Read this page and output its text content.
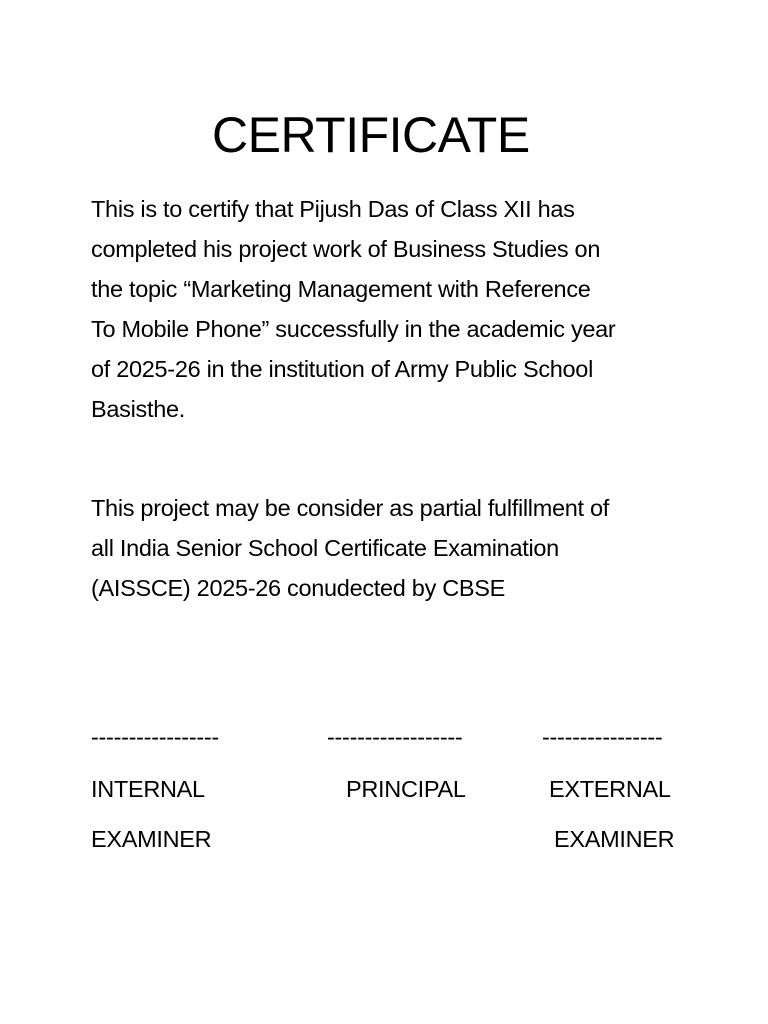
CERTIFICATE
This is to certify that Pijush Das of Class XII has
completed his project work of Business Studies on
the topic “Marketing Management with Reference
To Mobile Phone” successfully in the academic year
of 2025-26 in the institution of Army Public School
Basisthe.
This project may be consider as partial fulfillment of
all India Senior School Certificate Examination
(AISSCE) 2025-26 conudected by CBSE
-----------------	------------------	----------------
INTERNAL
EXAMINER
PRINCIPAL	EXTERNAL
EXAMINER
